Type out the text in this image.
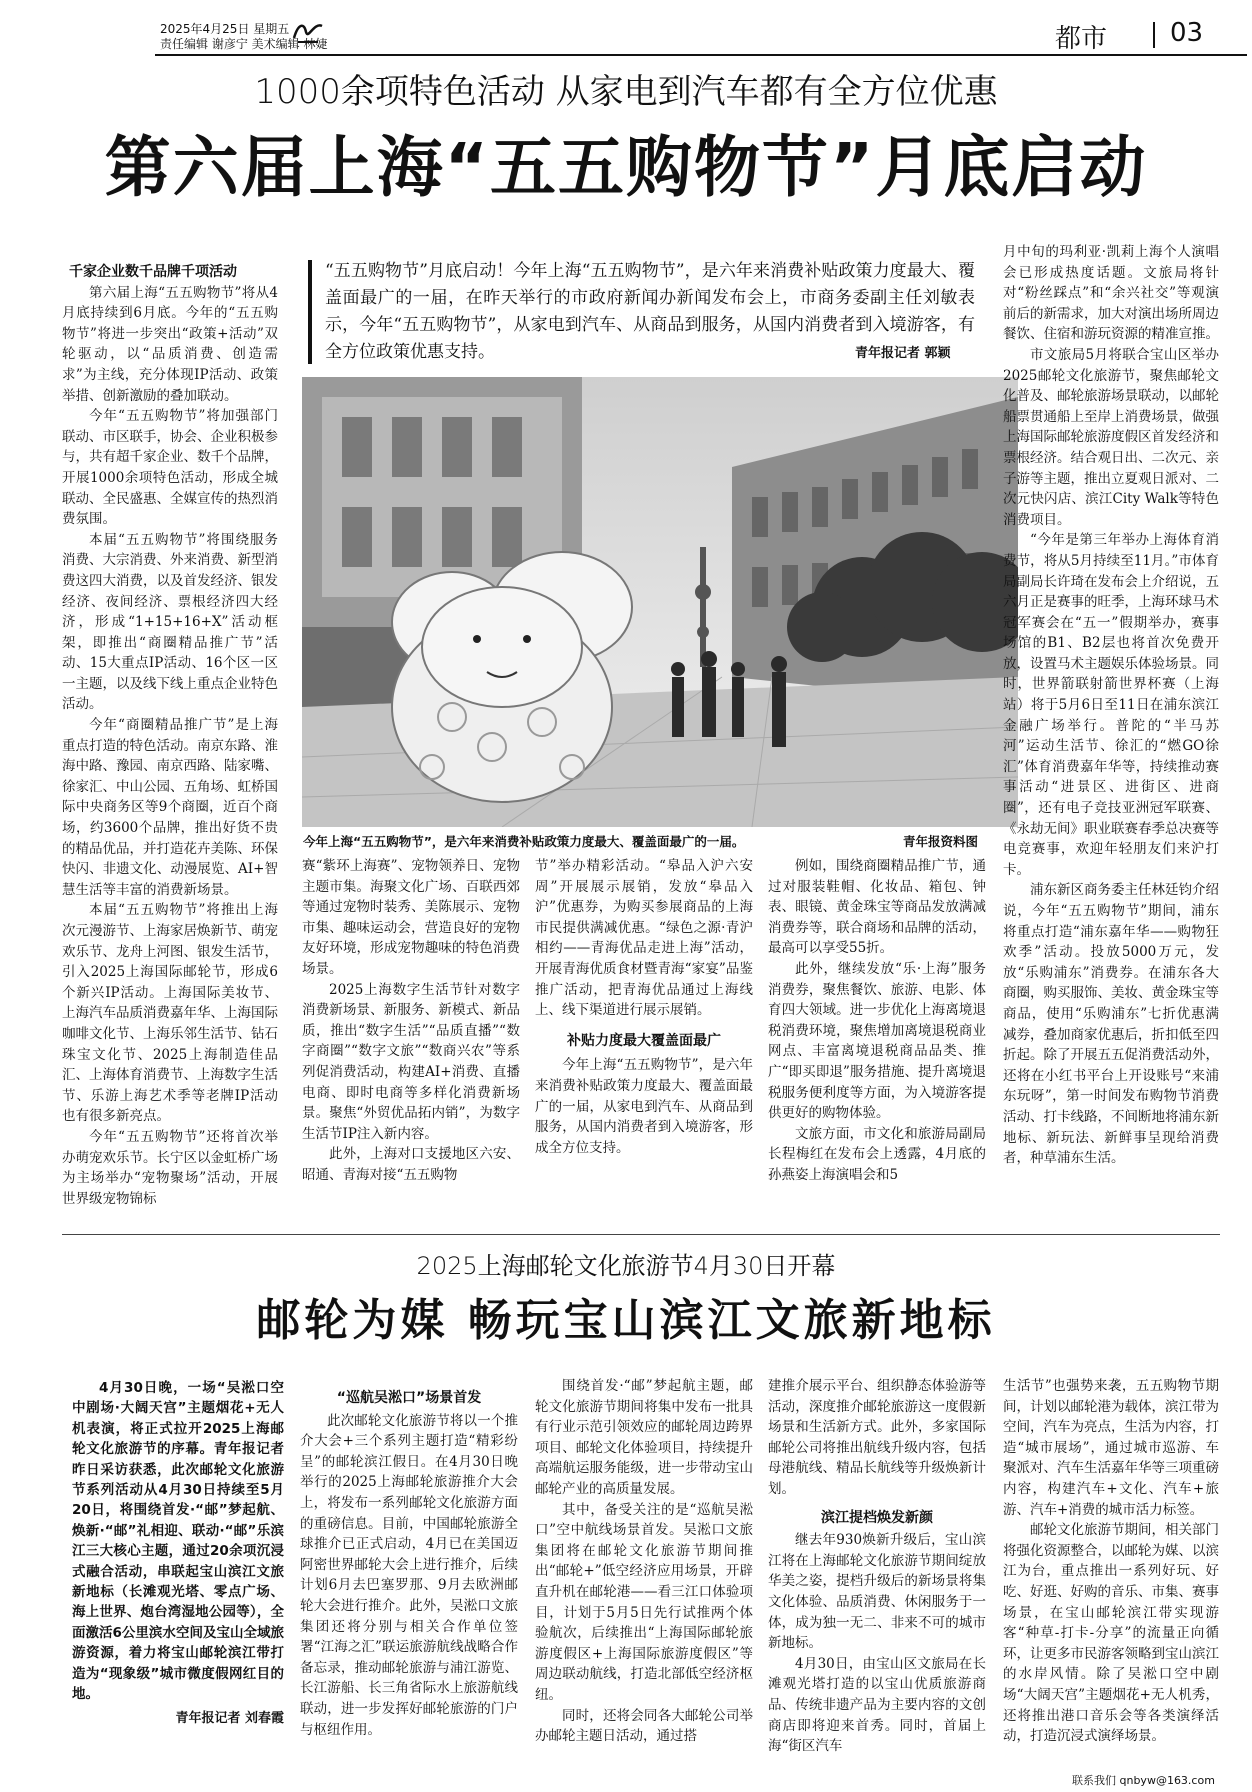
2025年4月25日 星期五
责任编辑 谢彦宁 美术编辑 林婕	都市 03
1000余项特色活动 从家电到汽车都有全方位优惠
第六届上海“五五购物节”月底启动
“五五购物节”月底启动！今年上海“五五购物节”，是六年来消费补贴政策力度最大、覆盖面最广的一届，在昨天举行的市政府新闻办新闻发布会上，市商务委副主任刘敏表示，今年“五五购物节”，从家电到汽车、从商品到服务，从国内消费者到入境游客，有全方位政策优惠支持。	青年报记者 郭颖
千家企业数千品牌千项活动

第六届上海“五五购物节”将从4月底持续到6月底。今年的“五五购物节”将进一步突出“政策+活动”双轮驱动，以“品质消费、创造需求”为主线，充分体现IP活动、政策举措、创新激励的叠加联动。

今年“五五购物节”将加强部门联动、市区联手，协会、企业积极参与，共有超千家企业、数千个品牌，开展1000余项特色活动，形成全城联动、全民盛惠、全媒宣传的热烈消费氛围。

本届“五五购物节”将围绕服务消费、大宗消费、外来消费、新型消费这四大消费，以及首发经济、银发经济、夜间经济、票根经济四大经济，形成“1+15+16+X”活动框架，即推出“商圈精品推广节”活动、15大重点IP活动、16个区一区一主题，以及线下线上重点企业特色活动。

今年“商圈精品推广节”是上海重点打造的特色活动。南京东路、淮海中路、豫园、南京西路、陆家嘴、徐家汇、中山公园、五角场、虹桥国际中央商务区等9个商圈，近百个商场，约3600个品牌，推出好货不贵的精品优品，并打造花卉美陈、环保快闪、非遗文化、动漫展览、AI+智慧生活等丰富的消费新场景。

本届“五五购物节”将推出上海次元漫游节、上海家居焕新节、萌宠欢乐节、龙舟上河图、银发生活节，引入2025上海国际邮轮节，形成6个新兴IP活动。上海国际美妆节、上海汽车品质消费嘉年华、上海国际咖啡文化节、上海乐邻生活节、钻石珠宝文化节、2025上海制造佳品汇、上海体育消费节、上海数字生活节、乐游上海艺术季等老牌IP活动也有很多新亮点。

今年“五五购物节”还将首次举办萌宠欢乐节。长宁区以金虹桥广场为主场举办“宠物聚场”活动，开展世界级宠物锦标

今年上海“五五购物节”，是六年来消费补贴政策力度最大、覆盖面最广的一届。	青年报资料图

赛“紫环上海赛”、宠物领养日、宠物主题市集。海聚文化广场、百联西郊等通过宠物时装秀、美陈展示、宠物市集、趣味运动会，营造良好的宠物友好环境，形成宠物趣味的特色消费场景。

2025上海数字生活节针对数字消费新场景、新服务、新模式、新品质，推出“数字生活”“品质直播”“数字商圈”“数字文旅”“数商兴农”等系列促消费活动，构建AI+消费、直播电商、即时电商等多样化消费新场景。聚焦“外贸优品拓内销”，为数字生活节IP注入新内容。

此外，上海对口支援地区六安、昭通、青海对接“五五购物

节”举办精彩活动。“皋品入沪六安周”开展展示展销，发放“皋品入沪”优惠券，为购买参展商品的上海市民提供满减优惠。“绿色之源·青沪相约——青海优品走进上海”活动，开展青海优质食材暨青海“家宴”品鉴推广活动，把青海优品通过上海线上、线下渠道进行展示展销。

补贴力度最大覆盖面最广

今年上海“五五购物节”，是六年来消费补贴政策力度最大、覆盖面最广的一届，从家电到汽车、从商品到服务，从国内消费者到入境游客，形成全方位支持。

例如，围绕商圈精品推广节，通过对服装鞋帽、化妆品、箱包、钟表、眼镜、黄金珠宝等商品发放满减消费券等，联合商场和品牌的活动，最高可以享受55折。

此外，继续发放“乐·上海”服务消费券，聚焦餐饮、旅游、电影、体育四大领域。进一步优化上海离境退税消费环境，聚焦增加离境退税商业网点、丰富离境退税商品品类、推广“即买即退”服务措施、提升离境退税服务便利度等方面，为入境游客提供更好的购物体验。

文旅方面，市文化和旅游局副局长程梅红在发布会上透露，4月底的孙燕姿上海演唱会和5

月中旬的玛利亚·凯莉上海个人演唱会已形成热度话题。文旅局将针对“粉丝踩点”和“余兴社交”等观演前后的新需求，加大对演出场所周边餐饮、住宿和游玩资源的精准宣推。

市文旅局5月将联合宝山区举办2025邮轮文化旅游节，聚焦邮轮文化普及、邮轮旅游场景联动，以邮轮船票贯通船上至岸上消费场景，做强上海国际邮轮旅游度假区首发经济和票根经济。结合观日出、二次元、亲子游等主题，推出立夏观日派对、二次元快闪店、滨江City Walk等特色消费项目。

“今年是第三年举办上海体育消费节，将从5月持续至11月。”市体育局副局长许琦在发布会上介绍说，五六月正是赛事的旺季，上海环球马术冠军赛会在“五一”假期举办，赛事场馆的B1、B2层也将首次免费开放，设置马术主题娱乐体验场景。同时，世界箭联射箭世界杯赛（上海站）将于5月6日至11日在浦东滨江金融广场举行。普陀的“半马苏河”运动生活节、徐汇的“燃GO徐汇”体育消费嘉年华等，持续推动赛事活动“进景区、进街区、进商圈”，还有电子竞技亚洲冠军联赛、《永劫无间》职业联赛春季总决赛等电竞赛事，欢迎年轻朋友们来沪打卡。

浦东新区商务委主任林廷钧介绍说，今年“五五购物节”期间，浦东将重点打造“浦东嘉年华——购物狂欢季”活动。投放5000万元，发放“乐购浦东”消费券。在浦东各大商圈，购买服饰、美妆、黄金珠宝等商品，使用“乐购浦东”七折优惠满减券，叠加商家优惠后，折扣低至四折起。除了开展五五促消费活动外，还将在小红书平台上开设账号“来浦东玩呀”，第一时间发布购物节消费活动、打卡线路，不间断地将浦东新地标、新玩法、新鲜事呈现给消费者，种草浦东生活。

2025上海邮轮文化旅游节4月30日开幕
邮轮为媒 畅玩宝山滨江文旅新地标

4月30日晚，一场“吴淞口空中剧场·大阔天宫”主题烟花+无人机表演，将正式拉开2025上海邮轮文化旅游节的序幕。青年报记者昨日采访获悉，此次邮轮文化旅游节系列活动从4月30日持续至5月20日，将围绕首发·“邮”梦起航、焕新·“邮”礼相迎、联动·“邮”乐滨江三大核心主题，通过20余项沉浸式融合活动，串联起宝山滨江文旅新地标（长滩观光塔、零点广场、海上世界、炮台湾湿地公园等），全面激活6公里滨水空间及宝山全域旅游资源，着力将宝山邮轮滨江带打造为“现象级”城市微度假网红目的地。

青年报记者 刘春霞
“巡航吴淞口”场景首发

此次邮轮文化旅游节将以一个推介大会+三个系列主题打造“精彩纷呈”的邮轮滨江假日。在4月30日晚举行的2025上海邮轮旅游推介大会上，将发布一系列邮轮文化旅游方面的重磅信息。目前，中国邮轮旅游全球推介已正式启动，4月已在美国迈阿密世界邮轮大会上进行推介，后续计划6月去巴塞罗那、9月去欧洲邮轮大会进行推介。此外，吴淞口文旅集团还将分别与相关合作单位签署“江海之汇”联运旅游航线战略合作备忘录，推动邮轮旅游与浦江游览、长江游船、长三角省际水上旅游航线联动，进一步发挥好邮轮旅游的门户与枢纽作用。

围绕首发·“邮”梦起航主题，邮轮文化旅游节期间将集中发布一批具有行业示范引领效应的邮轮周边跨界项目、邮轮文化体验项目，持续提升高端航运服务能级，进一步带动宝山邮轮产业的高质量发展。

其中，备受关注的是“巡航吴淞口”空中航线场景首发。吴淞口文旅集团将在邮轮文化旅游节期间推出“邮轮+”低空经济应用场景，开辟直升机在邮轮港——看三江口体验项目，计划于5月5日先行试推两个体验航次，后续推出“上海国际邮轮旅游度假区+上海国际旅游度假区”等周边联动航线，打造北部低空经济枢纽。

同时，还将会同各大邮轮公司举办邮轮主题日活动，通过搭

建推介展示平台、组织静态体验游等活动，深度推介邮轮旅游这一度假新场景和生活新方式。此外，多家国际邮轮公司将推出航线升级内容，包括母港航线、精品长航线等升级焕新计划。

滨江提档焕发新颜

继去年930焕新升级后，宝山滨江将在上海邮轮文化旅游节期间绽放华美之姿，提档升级后的新场景将集文化体验、品质消费、休闲服务于一体，成为独一无二、非来不可的城市新地标。

4月30日，由宝山区文旅局在长滩观光塔打造的以宝山优质旅游商品、传统非遗产品为主要内容的文创商店即将迎来首秀。同时，首届上海“街区汽车

生活节”也强势来袭，五五购物节期间，计划以邮轮港为载体，滨江带为空间，汽车为亮点，生活为内容，打造“城市展场”，通过城市巡游、车聚派对、汽车生活嘉年华等三项重磅内容，构建汽车+文化、汽车+旅游、汽车+消费的城市活力标签。

邮轮文化旅游节期间，相关部门将强化资源整合，以邮轮为媒、以滨江为台，重点推出一系列好玩、好吃、好逛、好购的音乐、市集、赛事场景，在宝山邮轮滨江带实现游客“种草-打卡-分享”的流量正向循环，让更多市民游客领略到宝山滨江的水岸风情。除了吴淞口空中剧场“大阔天宫”主题烟花+无人机秀，还将推出港口音乐会等各类演绎活动，打造沉浸式演绎场景。

联系我们 qnbyw@163.com
